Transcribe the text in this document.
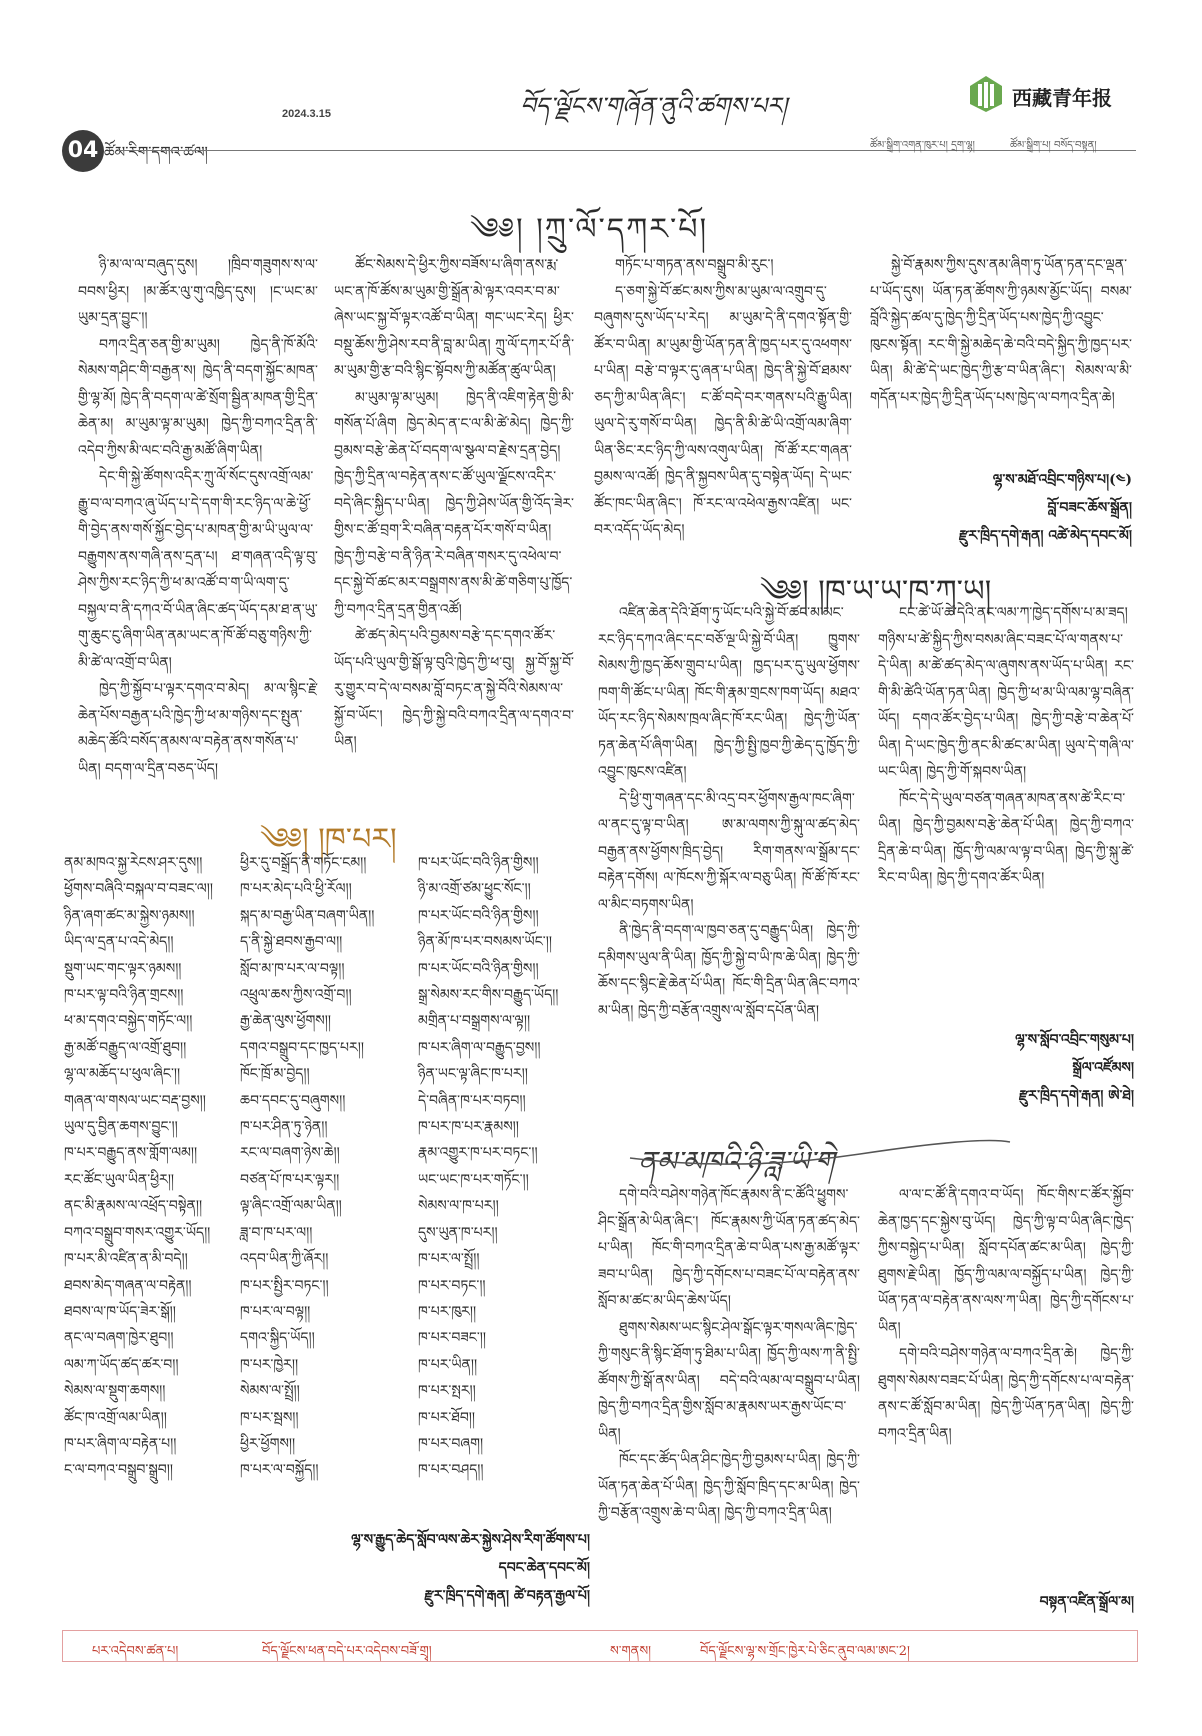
04 ཚོམ་རིག་དགའ་ཚལ།
2024.3.15	བོད་ལྗོངས་གཞོན་ནུའི་ཚགས་པར།	西藏青年报
ཚོམ་སྒྲིག་འགན་ཁུར་པ། དྲག་ལྷ།	ཚོམ་སྒྲིག་པ། བསོད་བསྟན།
༄༅། །ཀྲུ་ལོ་དཀར་པོ།

ཉི་མ་ལ་ལ་བཞུད་དུས། །ཁྲིབ་གཟུགས་ས་ལ་བབས་ཕྱིར། །མ་ཚོར་ལུ་གུ་འཁྱིད་དུས། །ང་ཡང་མ་ཡུམ་དྲན་བྱུང་།།

བཀའ་དྲིན་ཅན་གྱི་མ་ཡུམ། ཁྱེད་ནི་ཁོ་མོའི་སེམས་གཤིང་གི་བརྒྱན་ས། ཁྱེད་ནི་བདག་སྐྱོང་མཁན་གྱི་ལྷ་མོ། ཁྱེད་ནི་བདག་ལ་ཚེ་སྲོག་སྦྱིན་མཁན་གྱི་དྲིན་ཆེན་མ། མ་ཡུམ་ལྟ་མ་ཡུམ། ཁྱེད་ཀྱི་བཀའ་དྲིན་ནི་འདེབ་ཀྱིས་མི་ལང་བའི་རྒྱ་མཚོ་ཞིག་ཡིན།

དེང་གི་སྐྱེ་ཚོགས་འདིར་ཀྲུ་ལོ་སོང་དུས་འགྲོ་ལམ་རྒྱུ་བ་ལ་བཀའ་ཞུ་ཡོད་པ་དེ་དག་གི་རང་ཉིད་ལ་ཆེ་ཕྱོ་གི་བྱེད་ནས་གསོ་སྐྱོང་བྱེད་པ་མཁན་གྱི་མ་ཡི་ཡུལ་ལ་བརྒྱུགས་ནས་གཞི་ནས་དྲན་པ། ཐ་གཞན་འདི་ལྟ་བུ་ཤེས་ཀྱིས་རང་ཉིད་ཀྱི་ཕ་མ་འཚོ་བ་ག་ཡི་ལག་དུ་བསྐྱལ་བ་ནི་དཀའ་བོ་ཡིན་ཞིང་ཚད་ཡོད་དམ་ཐ་ན་ཡུ་གུ་ཆུང་ངུ་ཞིག་ཡིན་ནམ་ཡང་ན་ཁོ་ཚོ་བཅུ་གཉིས་ཀྱི་མི་ཚེ་ལ་འགྲོ་བ་ཡིན།

ཁྱེད་ཀྱི་སྐྱོབ་པ་ལྟར་དགའ་བ་མེད། མ་ལ་སྙིང་རྗེ་ཆེན་པོས་བརྒྱན་པའི་ཁྱེད་ཀྱི་ཕ་མ་གཉིས་དང་སྤུན་མཆེད་ཚོའི་བསོད་ནམས་ལ་བརྟེན་ནས་གསོན་པ་ཡིན། བདག་ལ་དྲིན་བཅད་ཡོད།

ཚོང་སེམས་དེ་ཕྱིར་ཀྱིས་བཟོས་པ་ཞིག་ནས་རྨ་ཡང་ན་ཁོ་ཚོས་མ་ཡུམ་གྱི་སྒྲོན་མེ་ལྟར་འབར་བ་མ་ཞེས་ཡང་སྐྱ་བོ་ལྟར་འཚོ་བ་ཡིན། གང་ཡང་རེད། ཕྱིར་བསྡུ་ཆོས་ཀྱི་ཤེས་རབ་ནི་བླ་མ་ཡིན། ཀྲུ་ལོ་དཀར་པོ་ནི་མ་ཡུམ་གྱི་རྩ་བའི་སྙིང་སྟོབས་ཀྱི་མཚོན་ཚུལ་ཡིན།

མ་ཡུམ་ལྟ་མ་ཡུམ། ཁྱེད་ནི་འཇིག་རྟེན་གྱི་མི་གསོན་པོ་ཞིག ཁྱེད་མེད་ན་ང་ལ་མི་ཚེ་མེད། ཁྱེད་ཀྱི་བྱམས་བརྩེ་ཆེན་པོ་བདག་ལ་སྩལ་བ་རྗེས་དྲན་བྱེད། ཁྱེད་ཀྱི་དྲིན་ལ་བརྟེན་ནས་ང་ཚོ་ཡུལ་ལྗོངས་འདིར་བདེ་ཞིང་སྐྱིད་པ་ཡིན། ཁྱེད་ཀྱི་ཤེས་ཡོན་གྱི་འོད་ཟེར་གྱིས་ང་ཚོ་བྲག་རི་བཞིན་བརྟན་པོར་གསོ་བ་ཡིན། ཁྱེད་ཀྱི་བརྩེ་བ་ནི་ཉིན་རེ་བཞིན་གསར་དུ་འཕེལ་བ་དང་སྐྱེ་བོ་ཚང་མར་བསྒྲགས་ནས་མི་ཚེ་གཅིག་པུ་ཁྱོད་ཀྱི་བཀའ་དྲིན་དྲན་གྱིན་འཚོ།

ཚེ་ཚད་མེད་པའི་བྱམས་བརྩེ་དང་དགའ་ཚོར་ཡོད་པའི་ཡུལ་གྱི་སྒོ་ལྟ་བུའི་ཁྱེད་ཀྱི་ཕ་བུ། སྐྱ་བོ་སྐྱ་བོ་རུ་གྱུར་བ་དེ་ལ་བསམ་བློ་བཏང་ན་སྐྱེ་བོའི་སེམས་ལ་སྐྱོ་བ་ཡོང་། ཁྱེད་ཀྱི་སྐྱེ་བའི་བཀའ་དྲིན་ལ་དགའ་བ་ཡིན།

གཏོང་པ་གཏན་ནས་བསྒྲུབ་མི་རུང་།

ད་ཅག་སྐྱེ་བོ་ཚང་མས་ཀྱིས་མ་ཡུམ་ལ་འགྲུབ་དུ་བཞུགས་དུས་ཡོད་པ་རེད། མ་ཡུམ་དེ་ནི་དགའ་སྟོན་གྱི་ཚོར་བ་ཡིན། མ་ཡུམ་གྱི་ཡོན་ཏན་ནི་ཁྱད་པར་དུ་འཕགས་པ་ཡིན། བརྩེ་བ་ལྟར་དུ་ཞན་པ་ཡིན། ཁྱེད་ནི་སྐྱེ་བོ་ཐམས་ཅད་ཀྱི་མ་ཡིན་ཞིང་། ང་ཚོ་བདེ་བར་གནས་པའི་རྒྱུ་ཡིན། ཡུལ་དེ་རུ་གསོ་བ་ཡིན། ཁྱེད་ནི་མི་ཚེ་ཡི་འགྲོ་ལམ་ཞིག་ཡིན་ཅིང་རང་ཉིད་ཀྱི་ལས་འགུལ་ཡིན། ཁོ་ཚོ་རང་གཞན་བྱམས་ལ་འཚོ། ཁྱེད་ནི་སྐྱབས་ཡིན་དུ་བསྟེན་ཡོད། དེ་ཡང་ཚོང་ཁང་ཡིན་ཞིང་། ཁོ་རང་ལ་འཕེལ་རྒྱས་འཛིན། ཡང་བར་འདོད་ཡོད་མེད།

སྐྱེ་བོ་རྣམས་ཀྱིས་དུས་ནམ་ཞིག་ཏུ་ཡོན་ཏན་དང་ལྡན་པ་ཡོད་དུས། ཡོན་ཏན་ཚོགས་ཀྱི་ཉམས་མྱོང་ཡོད། བསམ་བློའི་སྐྱེད་ཚལ་དུ་ཁྱེད་ཀྱི་དྲིན་ཡོད་པས་ཁྱེད་ཀྱི་འབྱུང་ཁུངས་སྟོན། རང་གི་སྐྱེ་མཆེད་ཆེ་བའི་བདེ་སྐྱིད་ཀྱི་ཁྱད་པར་ཡིན། མི་ཚེ་དེ་ཡང་ཁྱེད་ཀྱི་རྩ་བ་ཡིན་ཞིང་། སེམས་ལ་མི་གདོན་པར་ཁྱེད་ཀྱི་དྲིན་ཡོད་པས་ཁྱེད་ལ་བཀའ་དྲིན་ཆེ།

ལྷ་ས་མཐོ་འབྲིང་གཉིས་པ།(༤)
བློ་བཟང་ཆོས་སྒྲོན།
རྫུར་ཁྲིད་དགེ་རྒན། འཚེ་མེད་དབང་མོ།
༄༅། །ཁ་པར།
ནམ་མཁའ་སྐྱ་རེངས་ཤར་དུས།།
ཕྱོགས་བཞིའི་བསྐལ་བ་བཟང་ལ།།
ཉིན་ཞག་ཚང་མ་སྐྱེས་ཉམས།།
ཡིད་ལ་དྲན་པ་འདེ་མེད།།
སྡུག་ཡང་གང་ལྟར་ཉམས།།
ཁ་པར་ལྟ་བའི་ཉིན་གྲངས།།
ཕ་མ་དགའ་བསྐྱེད་གཏོང་ལ།།
རྒྱ་མཚོ་བརྒྱུད་ལ་འགྲོ་ཐུབ།།
ལྷ་ལ་མཆོད་པ་ཕུལ་ཞིང་།།
གཞན་ལ་གསལ་ཡང་བརྡ་བྱས།།
ཡུལ་དུ་བྱིན་ཆགས་བྱུང་།།
ཁ་པར་བརྒྱུད་ནས་གློག་ལམ།།
རང་ཚོང་ཡུལ་ཡིན་ཕྱིར།།
ནང་མི་རྣམས་ལ་འཕྲོད་བསྟེན།།
བཀའ་བསྒྲུབ་གསར་འགྱུར་ཡོད།།
ཁ་པར་མི་འཛིན་ན་མི་བདེ།།
ཐབས་མེད་གཞན་ལ་བརྟེན།།
ཐབས་ལ་ཁ་ཡོད་ཟེར་སྒོ།།
ནང་ལ་བཞག་ཁྱེར་ཐུབ།།
ལམ་ཀ་ཡོད་ཚད་ཚར་བ།།
སེམས་ལ་སྡུག་ཆགས།།
ཚོང་ཁ་འགྲོ་ལམ་ཡིན།།
ཁ་པར་ཞིག་ལ་བརྟེན་པ།།
ང་ལ་བཀའ་བསྒྲུབ་སྒྲུབ།།
ཕྱིར་དུ་བསྒྲོད་ནི་གཏོང་ངམ།།
ཁ་པར་མེད་པའི་ཕྱི་རོལ།།
སྐད་མ་བརྒྱ་ཡིན་བཞག་ཡིན།།
ད་ནི་སྐྱེ་ཐབས་རྒྱབ་ལ།།
སློབ་མ་ཁ་པར་ལ་བལྟ།།
འཕྲུལ་ཆས་ཀྱིས་འགྲོ་བ།།
རྒྱ་ཆེན་ལུས་ཕྱོགས།།
དགའ་བསྒྲུབ་དང་ཁྱད་པར།།
ཁོང་ཁྲོ་མ་བྱེད།།
ཆབ་དབང་དུ་བཞུགས།།
ཁ་པར་ཤིན་ཏུ་ཉེན།།
རང་ལ་བཞག་ཉེས་ཆེ།།
བཙན་པོ་ཁ་པར་ལྟར།།
ལྟ་ཞིང་འགྲོ་ལམ་ཡིན།།
ཟླ་བ་ཁ་པར་ལ།།
འདབ་ཡིན་ཀྱི་ཞོར།།
ཁ་པར་སྤྱིར་བཏང་།།
ཁ་པར་ལ་བལྟ།།
དགའ་སྐྱིད་ཡོད།།
ཁ་པར་ཁྱེར།།
སེམས་ལ་སྤྲོ།།
ཁ་པར་སྦས།།
ཕྱིར་ཕྱོགས།།
ཁ་པར་ལ་བསྐྱོད།།
ཁ་པར་ཡོང་བའི་ཉིན་གྱིས།།
ཉི་མ་འགྲོ་ཙམ་ཕྱུང་སོང་།།
ཁ་པར་ཡོང་བའི་ཉིན་གྱིས།།
ཉིན་མོ་ཁ་པར་བསམས་ཡོང་།།
ཁ་པར་ཡོང་བའི་ཉིན་གྱིས།།
སྒྲ་སེམས་རང་གིས་བརྒྱུད་ཡོད།།
མགྲིན་པ་བསྒྲགས་ལ་ལྟ།།
ཁ་པར་ཞིག་ལ་བརྒྱུད་བྱས།།
ཉིན་ཡང་ལྟ་ཞིང་ཁ་པར།།
དེ་བཞིན་ཁ་པར་བཏབ།།
ཁ་པར་ཁ་པར་རྣམས།།
རྣམ་འགྱུར་ཁ་པར་བཏང་།།
ཡང་ཡང་ཁ་པར་གཏོང་།།
སེམས་ལ་ཁ་པར།།
དུས་ཡུན་ཁ་པར།།
ཁ་པར་ལ་སྤྲོ།།
ཁ་པར་བཏང་།།
ཁ་པར་ཁུར།།
ཁ་པར་བཟང་།།
ཁ་པར་ཡིན།།
ཁ་པར་སྤར།།
ཁ་པར་ཐོབ།།
ཁ་པར་བཞག།
ཁ་པར་བཤད།།
ལྷ་ས་རྒྱུད་ཆེད་སློབ་ལས་ཆེར་སྐྱེས་ཤེས་རིག་ཚོགས་པ།
དབང་ཆེན་དབང་མོ།
རྫུར་ཁྲིད་དགེ་རྒན། ཚེ་བརྟན་རྒྱལ་པོ།
༄༅། །ཁ་ཡ་ཡ་ཁ་ཀ་ཡ།

འཛིན་ཆེན་དེའི་ཐོག་ཏུ་ཡོང་པའི་སྐྱེ་བོ་ཚང་མ་མང་རང་ཉིད་དཀའ་ཞིང་དང་བཅོ་ལྔ་ཡི་སྐྱེ་བོ་ཡིན། ཁྱུགས་སེམས་ཀྱི་ཁྱད་ཆོས་གྲུབ་པ་ཡིན། ཁྱད་པར་དུ་ཡུལ་ཕྱོགས་ཁག་གི་ཚོང་པ་ཡིན། ཁོང་གི་རྣམ་གྲངས་ཁག་ཡོད། མཐའ་ཡོད་རང་ཉིད་སེམས་ཁྲལ་ཞིང་ཁོ་རང་ཡིན། ཁྱེད་ཀྱི་ཡོན་ཏན་ཆེན་པོ་ཞིག་ཡིན། ཁྱེད་ཀྱི་སྤྱི་ཁྱབ་ཀྱི་ཆེད་དུ་ཁྱོད་ཀྱི་འབྱུང་ཁུངས་འཛིན།

དེ་ཕྱི་གུ་གཞན་དང་མི་འདྲ་བར་ཕྱོགས་རྒྱལ་ཁང་ཞིག་ལ་ནང་དུ་ལྟ་བ་ཡིན། ཨ་མ་ལགས་ཀྱི་སྐུ་ལ་ཚད་མེད་བརྒྱན་ནས་ཕྱོགས་ཁྲིད་བྱེད། རིག་གནས་ལ་སྒྲོམ་དང་བརྟེན་དགོས། ལ་ཁོངས་ཀྱི་སྐོར་ལ་བཅུ་ཡིན། ཁོ་ཚོ་ཁོ་རང་ལ་མིང་བཏགས་ཡིན།

ནི་ཁྱེད་ནི་བདག་ལ་ཁྱབ་ཅན་དུ་བརྒྱུད་ཡིན། ཁྱེད་ཀྱི་དམིགས་ཡུལ་ནི་ཡིན། ཁྱོད་ཀྱི་སྐྱེ་བ་ཡི་ཁ་ཆེ་ཡིན། ཁྱེད་ཀྱི་ཆོས་དང་སྙིང་རྗེ་ཆེན་པོ་ཡིན། ཁོང་གི་དྲིན་ཡིན་ཞིང་བཀའ་མ་ཡིན། ཁྱེད་ཀྱི་བརྩོན་འགྲུས་ལ་སློབ་དཔོན་ཡིན།

ངང་ཚེ་ཡོ་ཚེ་དེའི་ནང་ལམ་ཀ་ཁྱེད་དགོས་པ་མ་ཟད། གཉིས་པ་ཚེ་སྐྱིད་ཀྱིས་བསམ་ཞིང་བཟང་པོ་ལ་གནས་པ་དེ་ཡིན། མ་ཚེ་ཚད་མེད་ལ་ཞུགས་ནས་ཡོད་པ་ཡིན། རང་གི་མི་ཚེའི་ཡོན་ཏན་ཡིན། ཁྱེད་ཀྱི་ཕ་མ་ཡི་ལམ་ལྷ་བཞིན་ཡོད། དགའ་ཚོར་བྱེད་པ་ཡིན། ཁྱེད་ཀྱི་བརྩེ་བ་ཆེན་པོ་ཡིན། དེ་ཡང་ཁྱེད་ཀྱི་ནང་མི་ཚང་མ་ཡིན། ཡུལ་དེ་གཞི་ལ་ཡང་ཡིན། ཁྱེད་ཀྱི་གོ་སྐབས་ཡིན།

ཁོང་དེ་དེ་ཡུལ་བཙན་གཞན་མཁན་ནས་ཚེ་རིང་བ་ཡིན། ཁྱེད་ཀྱི་བྱམས་བརྩེ་ཆེན་པོ་ཡིན། ཁྱེད་ཀྱི་བཀའ་དྲིན་ཆེ་བ་ཡིན། ཁྱོད་ཀྱི་ལམ་ལ་ལྟ་བ་ཡིན། ཁྱེད་ཀྱི་སྐུ་ཚེ་རིང་བ་ཡིན། ཁྱེད་ཀྱི་དགའ་ཚོར་ཡིན།

ལྷ་ས་སློབ་འབྲིང་གསུམ་པ།
སྒྲོལ་འཛོམས།
རྫུར་ཁྲིད་དགེ་རྒན། ཨེ་ཐེ།
ནམ་མཁའི་ཉི་ཟླ་ཡི་གེ

དགེ་བའི་བཤེས་གཉེན་ཁོང་རྣམས་ནི་ང་ཚོའི་ཕྱུགས་ཤིང་སྒྲོན་མེ་ཡིན་ཞིང་། ཁོང་རྣམས་ཀྱི་ཡོན་ཏན་ཚད་མེད་པ་ཡིན། ཁོང་གི་བཀའ་དྲིན་ཆེ་བ་ཡིན་པས་རྒྱ་མཚོ་ལྟར་ཟབ་པ་ཡིན། ཁྱེད་ཀྱི་དགོངས་པ་བཟང་པོ་ལ་བརྟེན་ནས་སློབ་མ་ཚང་མ་ཡིད་ཆེས་ཡོད།

ཐུགས་སེམས་ཡང་སྙིང་ཤེལ་སྒོང་ལྟར་གསལ་ཞིང་ཁྱེད་ཀྱི་གསུང་ནི་སྙིང་ཐོག་ཏུ་ཐིམ་པ་ཡིན། ཁྱོད་ཀྱི་ལས་ཀ་ནི་སྤྱི་ཚོགས་ཀྱི་སྒོ་ནས་ཡིན། བདེ་བའི་ལམ་ལ་བསྒྲུབ་པ་ཡིན། ཁྱེད་ཀྱི་བཀའ་དྲིན་གྱིས་སློབ་མ་རྣམས་ཡར་རྒྱས་ཡོང་བ་ཡིན།

ཁོང་དང་ཚོད་ཡིན་ཤིང་ཁྱེད་ཀྱི་བྱམས་པ་ཡིན། ཁྱེད་ཀྱི་ཡོན་ཏན་ཆེན་པོ་ཡིན། ཁྱེད་ཀྱི་སློབ་ཁྲིད་དང་མ་ཡིན། ཁྱེད་ཀྱི་བརྩོན་འགྲུས་ཆེ་བ་ཡིན། ཁྱེད་ཀྱི་བཀའ་དྲིན་ཡིན།

ལ་ལ་ང་ཚོ་ནི་དགའ་བ་ཡོད། ཁོང་གིས་ང་ཚོར་སྐྱོབ་ཆེན་ཁྱད་དང་སྐྱེས་བུ་ཡོད། ཁྱེད་ཀྱི་ལྟ་བ་ཡིན་ཞིང་ཁྱེད་ཀྱིས་བསྐྱེད་པ་ཡིན། སློབ་དཔོན་ཚང་མ་ཡིན། ཁྱེད་ཀྱི་ཐུགས་རྗེ་ཡིན། ཁྱོད་ཀྱི་ལམ་ལ་བསྐྱོད་པ་ཡིན། ཁྱེད་ཀྱི་ཡོན་ཏན་ལ་བརྟེན་ནས་ལས་ཀ་ཡིན། ཁྱེད་ཀྱི་དགོངས་པ་ཡིན།

དགེ་བའི་བཤེས་གཉེན་ལ་བཀའ་དྲིན་ཆེ། ཁྱེད་ཀྱི་ཐུགས་སེམས་བཟང་པོ་ཡིན། ཁྱེད་ཀྱི་དགོངས་པ་ལ་བརྟེན་ནས་ང་ཚོ་སློབ་མ་ཡིན། ཁྱེད་ཀྱི་ཡོན་ཏན་ཡིན། ཁྱེད་ཀྱི་བཀའ་དྲིན་ཡིན།

བསྟན་འཛིན་སྒྲོལ་མ།
པར་འདེབས་ཚན་པ།	བོད་ལྗོངས་ཕན་བདེ་པར་འདེབས་བཟོ་གྲྭ།	ས་གནས།	བོད་ལྗོངས་ལྷ་ས་གྲོང་ཁྱེར་པེ་ཅིང་ནུབ་ལམ་ཨང་2།
